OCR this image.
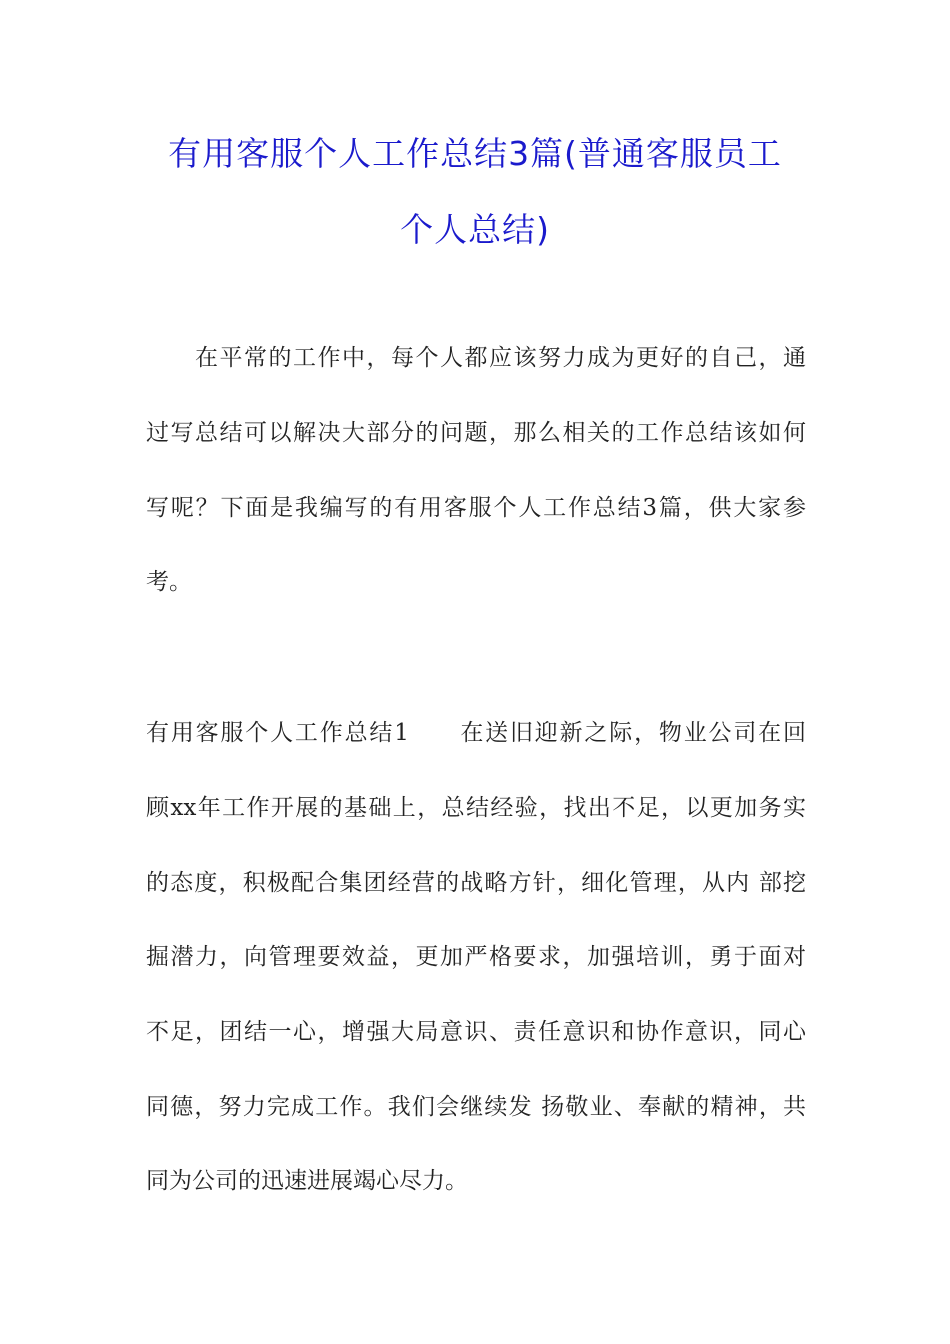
有用客服个人工作总结3篇(普通客服员工
个人总结)
　　在平常的工作中，每个人都应该努力成为更好的自己，通
过写总结可以解决大部分的问题，那么相关的工作总结该如何
写呢？下面是我编写的有用客服个人工作总结3篇，供大家参
考。
有用客服个人工作总结1　　在送旧迎新之际，物业公司在回
顾xx年工作开展的基础上，总结经验，找出不足，以更加务实
的态度，积极配合集团经营的战略方针，细化管理，从内 部挖
掘潜力，向管理要效益，更加严格要求，加强培训，勇于面对
不足，团结一心，增强大局意识、责任意识和协作意识，同心
同德，努力完成工作。我们会继续发 扬敬业、奉献的精神，共
同为公司的迅速进展竭心尽力。
